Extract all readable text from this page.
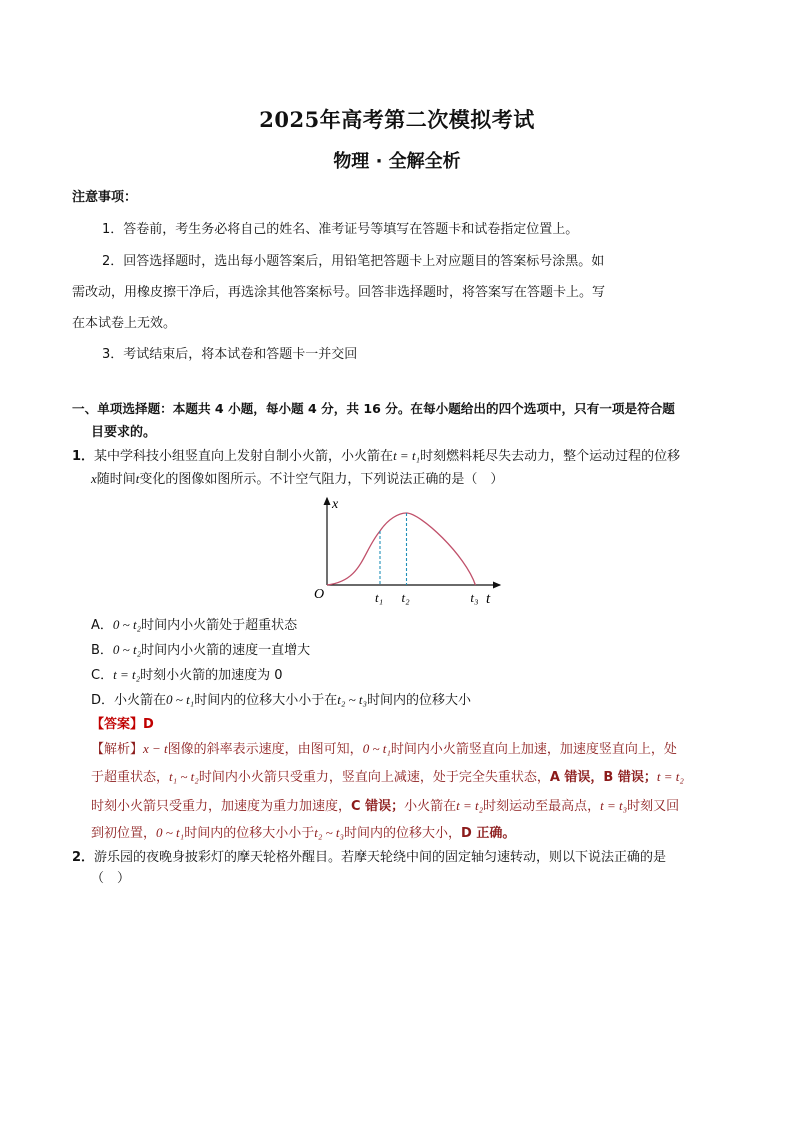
2025年高考第二次模拟考试
物理 · 全解全析
注意事项：
1．答卷前，考生务必将自己的姓名、准考证号等填写在答题卡和试卷指定位置上。
2．回答选择题时，选出每小题答案后，用铅笔把答题卡上对应题目的答案标号涂黑。如
需改动，用橡皮擦干净后，再选涂其他答案标号。回答非选择题时，将答案写在答题卡上。写
在本试卷上无效。
3．考试结束后，将本试卷和答题卡一并交回
一、单项选择题：本题共 4 小题，每小题 4 分，共 16 分。在每小题给出的四个选项中，只有一项是符合题
目要求的。
1．某中学科技小组竖直向上发射自制小火箭，小火箭在t = t₁时刻燃料耗尽失去动力，整个运动过程的位移
x随时间t变化的图像如图所示。不计空气阻力，下列说法正确的是（　）
x
t
O	t₁ t₂	t₃
A．0 ~ t₂时间内小火箭处于超重状态
B．0 ~ t₂时间内小火箭的速度一直增大
C．t = t₂时刻小火箭的加速度为 0
D．小火箭在0 ~ t₁时间内的位移大小小于在t₂ ~ t₃时间内的位移大小
【答案】D
【解析】x − t图像的斜率表示速度，由图可知，0 ~ t₁时间内小火箭竖直向上加速，加速度竖直向上，处
于超重状态，t₁ ~ t₂时间内小火箭只受重力，竖直向上减速，处于完全失重状态，A 错误，B 错误；t = t₂
时刻小火箭只受重力，加速度为重力加速度，C 错误；小火箭在t = t₂时刻运动至最高点，t = t₃时刻又回
到初位置，0 ~ t₁时间内的位移大小小于t₂ ~ t₃时间内的位移大小，D 正确。
2．游乐园的夜晚身披彩灯的摩天轮格外醒目。若摩天轮绕中间的固定轴匀速转动，则以下说法正确的是
（　）
